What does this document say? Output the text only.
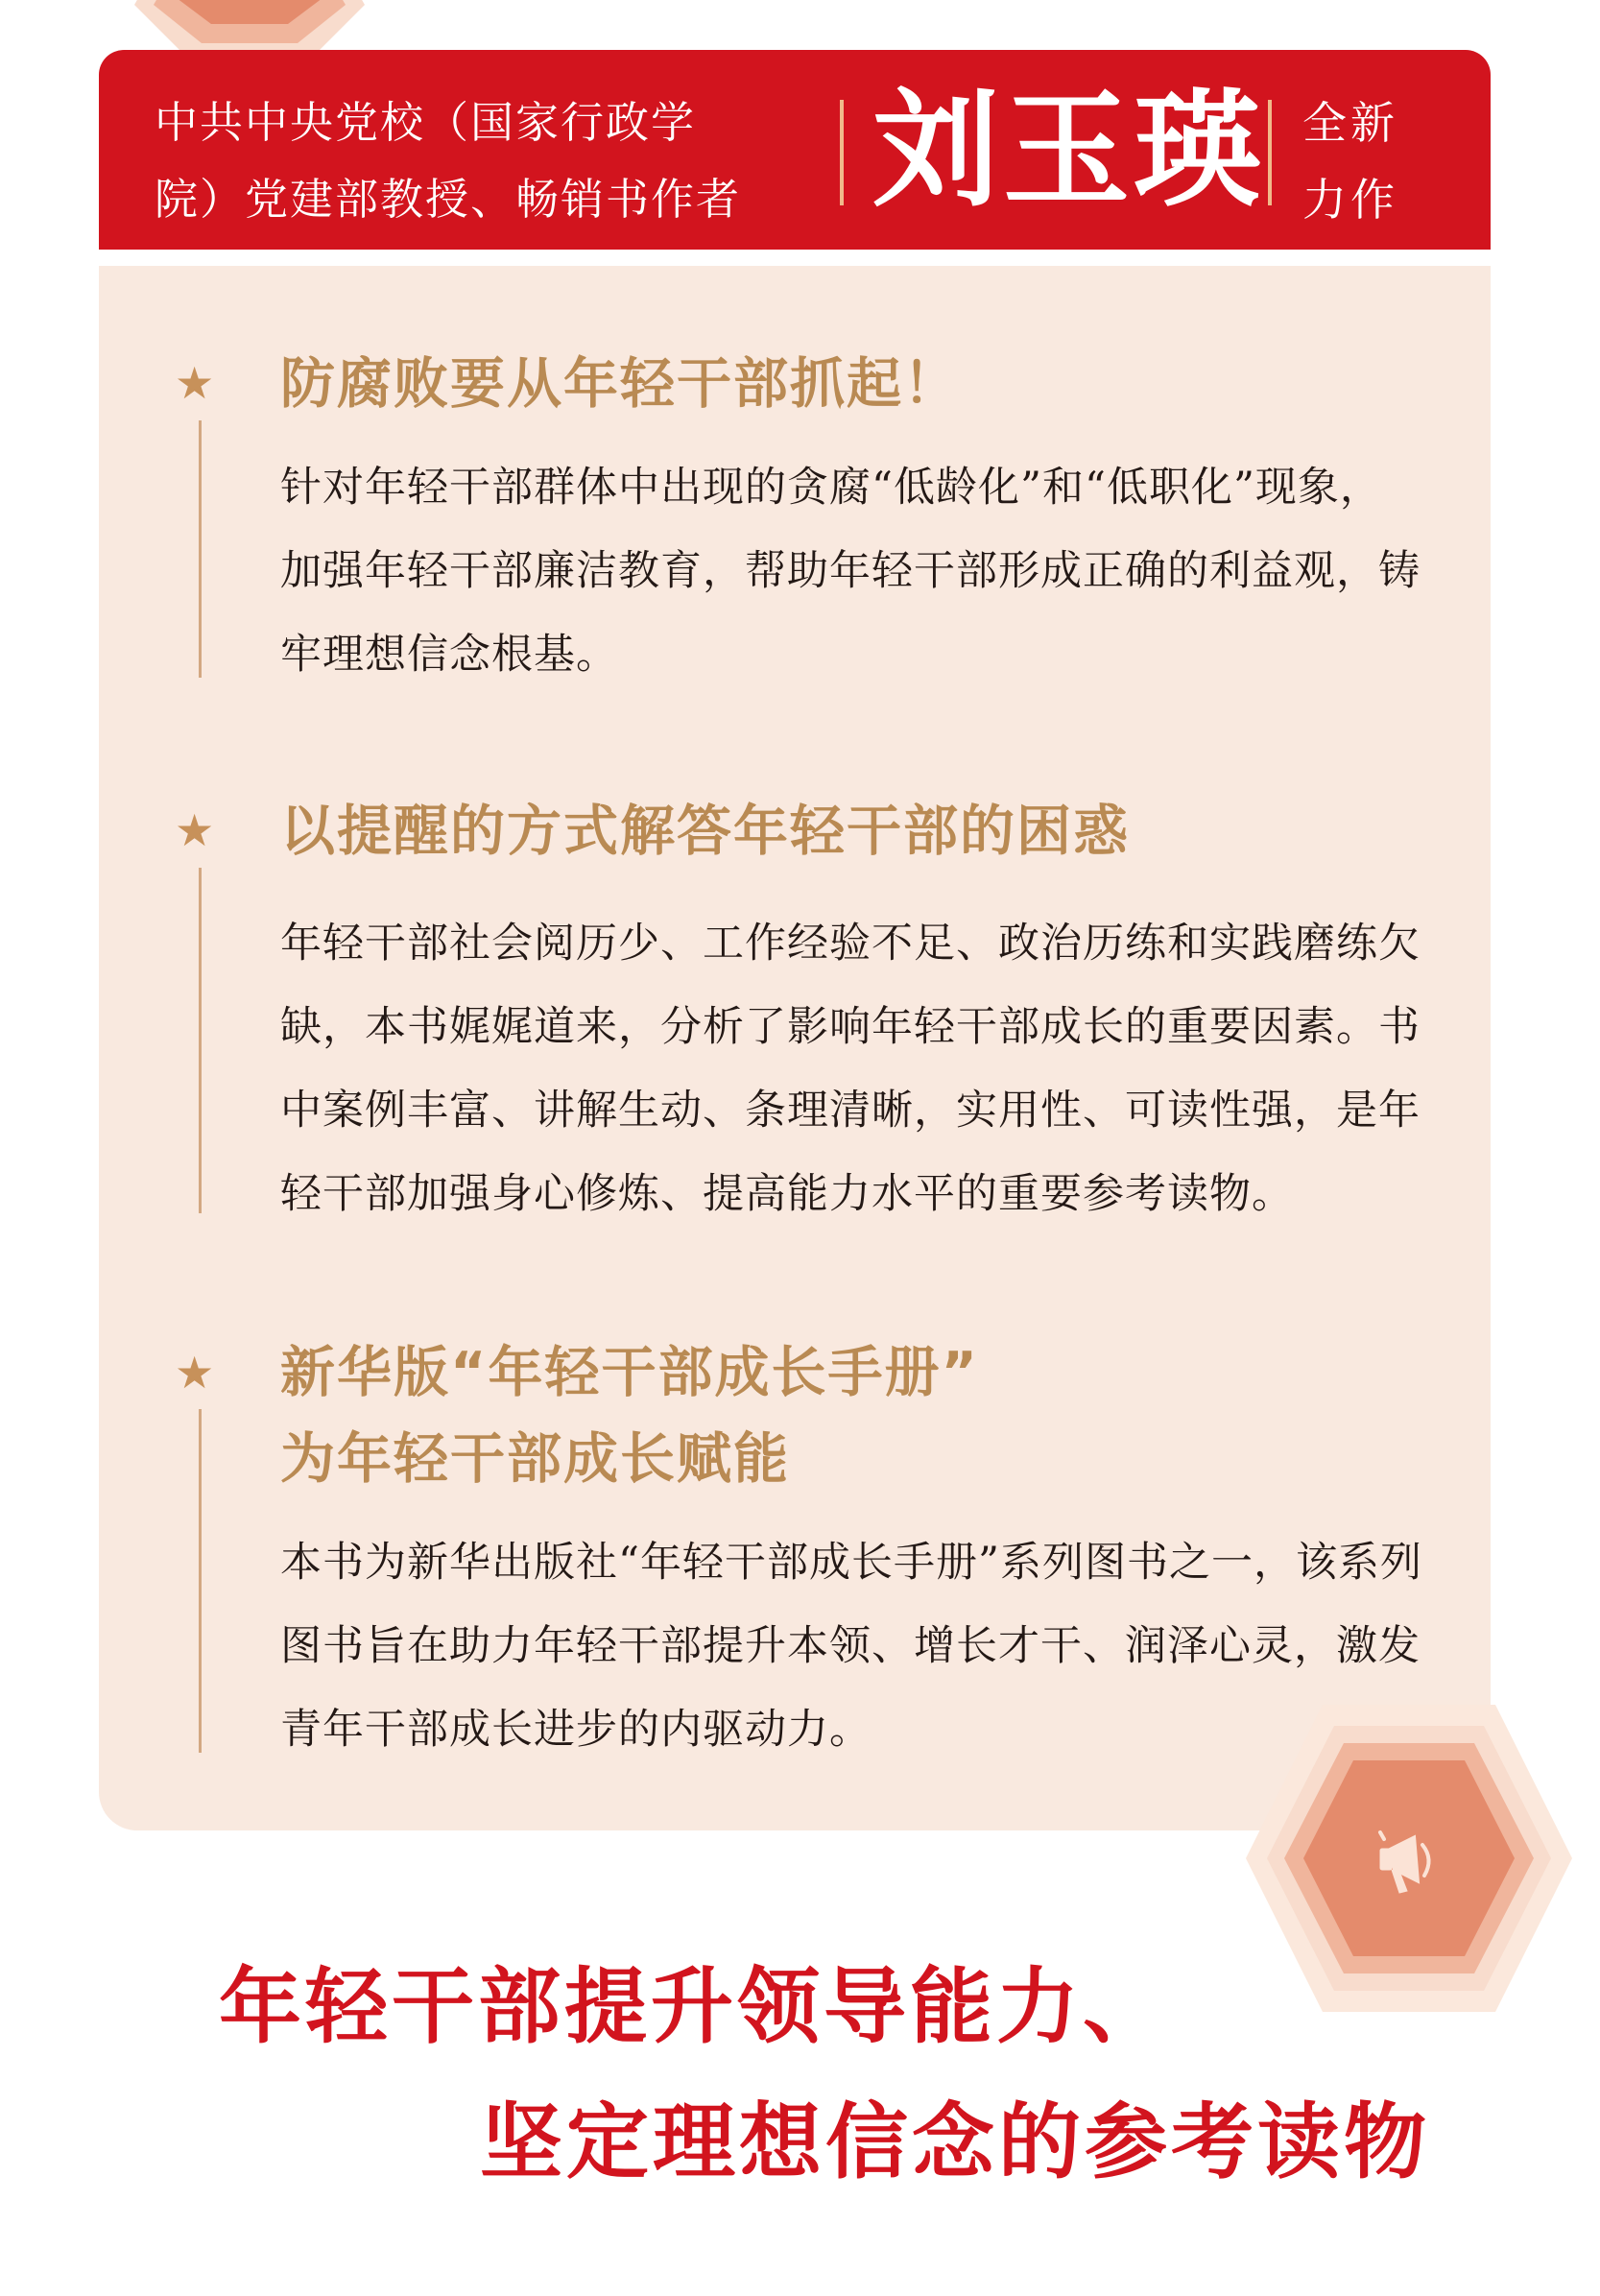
中共中央党校（国家行政学
院）党建部教授、畅销书作者	刘玉瑛 全新
力作
★ 防腐败要从年轻干部抓起！
针对年轻干部群体中出现的贪腐“低龄化”和“低职化”现象，加强年轻干部廉洁教育，帮助年轻干部形成正确的利益观，铸牢理想信念根基。
★ 以提醒的方式解答年轻干部的困惑
年轻干部社会阅历少、工作经验不足、政治历练和实践磨练欠缺，本书娓娓道来，分析了影响年轻干部成长的重要因素。书中案例丰富、讲解生动、条理清晰，实用性、可读性强，是年轻干部加强身心修炼、提高能力水平的重要参考读物。
★ 新华版“年轻干部成长手册”
为年轻干部成长赋能
本书为新华出版社“年轻干部成长手册”系列图书之一，该系列图书旨在助力年轻干部提升本领、增长才干、润泽心灵，激发青年干部成长进步的内驱动力。
年轻干部提升领导能力、
坚定理想信念的参考读物
